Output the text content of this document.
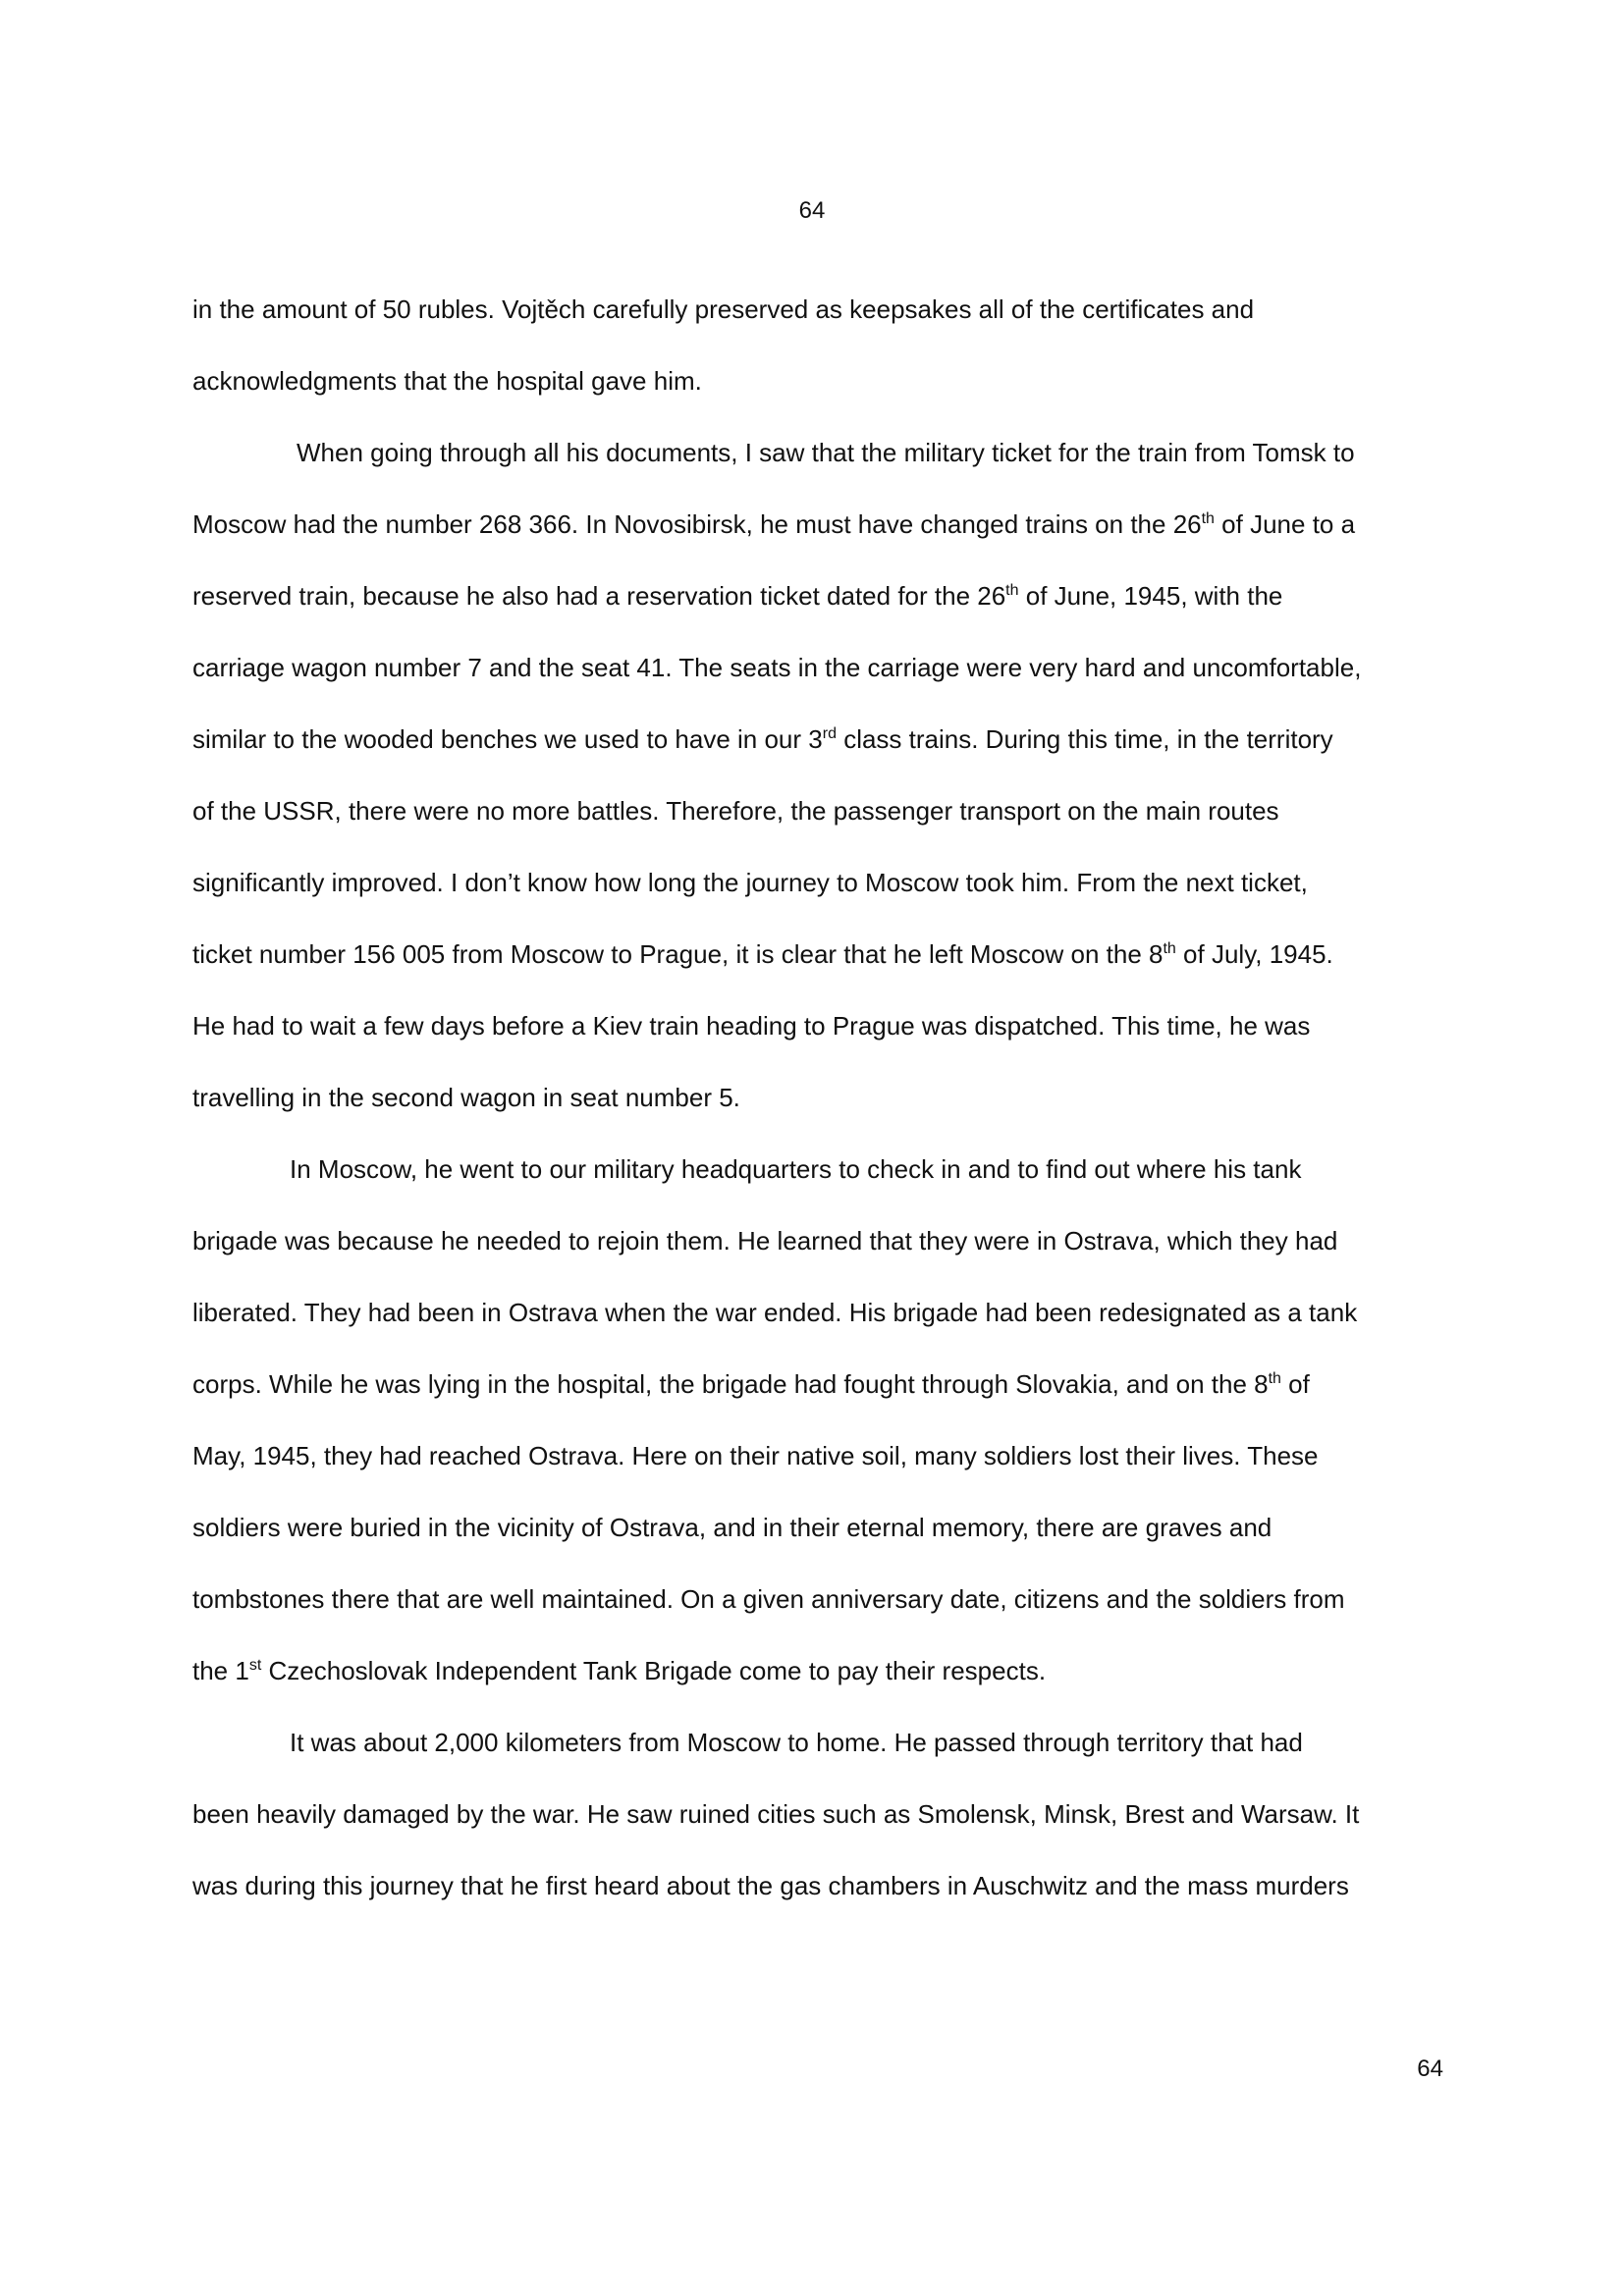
64
in the amount of 50 rubles. Vojtěch carefully preserved as keepsakes all of the certificates and
acknowledgments that the hospital gave him.
When going through all his documents, I saw that the military ticket for the train from Tomsk to
Moscow had the number 268 366. In Novosibirsk, he must have changed trains on the 26th of June to a
reserved train, because he also had a reservation ticket dated for the 26th of June, 1945, with the
carriage wagon number 7 and the seat 41. The seats in the carriage were very hard and uncomfortable,
similar to the wooded benches we used to have in our 3rd class trains. During this time, in the territory
of the USSR, there were no more battles. Therefore, the passenger transport on the main routes
significantly improved. I don’t know how long the journey to Moscow took him. From the next ticket,
ticket number 156 005 from Moscow to Prague, it is clear that he left Moscow on the 8th of July, 1945.
He had to wait a few days before a Kiev train heading to Prague was dispatched. This time, he was
travelling in the second wagon in seat number 5.
In Moscow, he went to our military headquarters to check in and to find out where his tank
brigade was because he needed to rejoin them. He learned that they were in Ostrava, which they had
liberated. They had been in Ostrava when the war ended. His brigade had been redesignated as a tank
corps. While he was lying in the hospital, the brigade had fought through Slovakia, and on the 8th of
May, 1945, they had reached Ostrava. Here on their native soil, many soldiers lost their lives. These
soldiers were buried in the vicinity of Ostrava, and in their eternal memory, there are graves and
tombstones there that are well maintained. On a given anniversary date, citizens and the soldiers from
the 1st Czechoslovak Independent Tank Brigade come to pay their respects.
It was about 2,000 kilometers from Moscow to home. He passed through territory that had
been heavily damaged by the war. He saw ruined cities such as Smolensk, Minsk, Brest and Warsaw. It
was during this journey that he first heard about the gas chambers in Auschwitz and the mass murders
64
